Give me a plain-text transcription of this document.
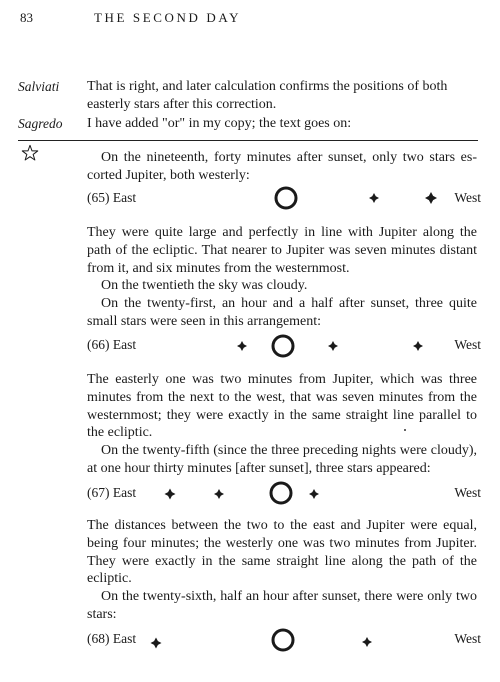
83	THE SECOND DAY
Salviati That is right, and later calculation confirms the positions of both easterly stars after this correction.
Sagredo I have added "or" in my copy; the text goes on:

On the nineteenth, forty minutes after sunset, only two stars es-corted Jupiter, both westerly:

(65) East	West

They were quite large and perfectly in line with Jupiter along the path of the ecliptic. That nearer to Jupiter was seven minutes distant from it, and six minutes from the westernmost.

On the twentieth the sky was cloudy.

On the twenty-first, an hour and a half after sunset, three quite small stars were seen in this arrangement:

(66) East	West

The easterly one was two minutes from Jupiter, which was three minutes from the next to the west, that was seven minutes from the westernmost; they were exactly in the same straight line parallel to the ecliptic.

On the twenty-fifth (since the three preceding nights were cloudy), at one hour thirty minutes [after sunset], three stars appeared:

(67) East	West

The distances between the two to the east and Jupiter were equal, being four minutes; the westerly one was two minutes from Jupiter. They were exactly in the same straight line along the path of the ecliptic.

On the twenty-sixth, half an hour after sunset, there were only two stars:

(68) East	West
